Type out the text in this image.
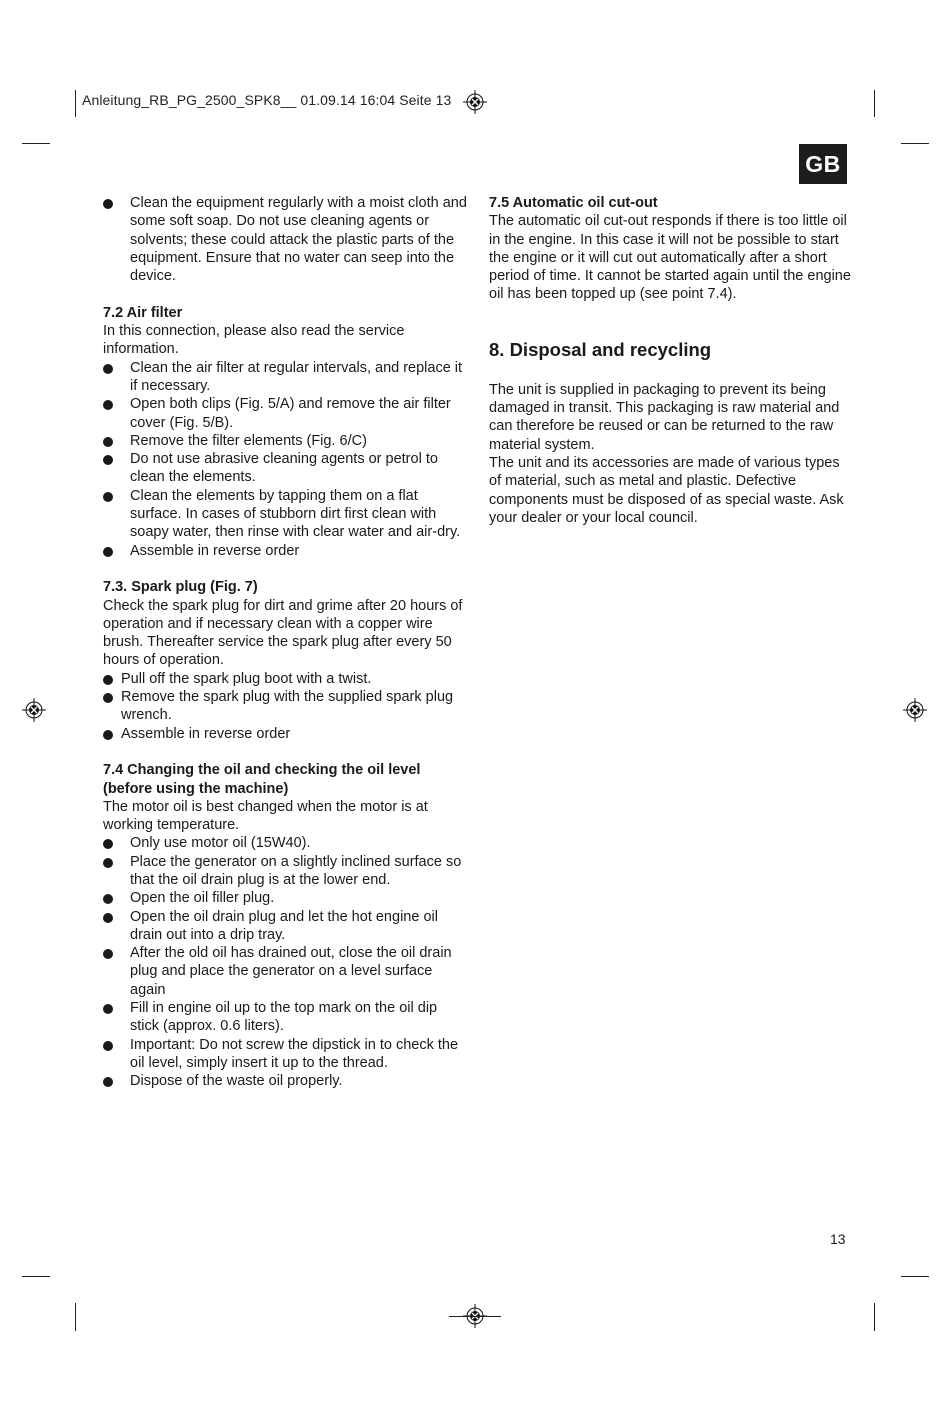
Anleitung_RB_PG_2500_SPK8__ 01.09.14 16:04 Seite 13
GB
Clean the equipment regularly with a moist cloth and some soft soap. Do not use cleaning agents or solvents; these could attack the plastic parts of the equipment. Ensure that no water can seep into the device.
7.2 Air filter

In this connection, please also read the service information.

Clean the air filter at regular intervals, and replace it if necessary.
Open both clips (Fig. 5/A) and remove the air filter cover (Fig. 5/B).
Remove the filter elements (Fig. 6/C)
Do not use abrasive cleaning agents or petrol to clean the elements.
Clean the elements by tapping them on a flat surface. In cases of stubborn dirt first clean with soapy water, then rinse with clear water and air-dry.
Assemble in reverse order
7.3. Spark plug (Fig. 7)

Check the spark plug for dirt and grime after 20 hours of operation and if necessary clean with a copper wire brush. Thereafter service the spark plug after every 50 hours of operation.

Pull off the spark plug boot with a twist.
Remove the spark plug with the supplied spark plug wrench.
Assemble in reverse order
7.4 Changing the oil and checking the oil level (before using the machine)

The motor oil is best changed when the motor is at working temperature.

Only use motor oil (15W40).
Place the generator on a slightly inclined surface so that the oil drain plug is at the lower end.
Open the oil filler plug.
Open the oil drain plug and let the hot engine oil drain out into a drip tray.
After the old oil has drained out, close the oil drain plug and place the generator on a level surface again
Fill in engine oil up to the top mark on the oil dip stick (approx. 0.6 liters).
Important: Do not screw the dipstick in to check the oil level, simply insert it up to the thread.
Dispose of the waste oil properly.
7.5 Automatic oil cut-out

The automatic oil cut-out responds if there is too little oil in the engine. In this case it will not be possible to start the engine or it will cut out automatically after a short period of time. It cannot be started again until the engine oil has been topped up (see point 7.4).

8. Disposal and recycling

The unit is supplied in packaging to prevent its being damaged in transit. This packaging is raw material and can therefore be reused or can be returned to the raw material system.

The unit and its accessories are made of various types of material, such as metal and plastic. Defective components must be disposed of as special waste. Ask your dealer or your local council.

13
